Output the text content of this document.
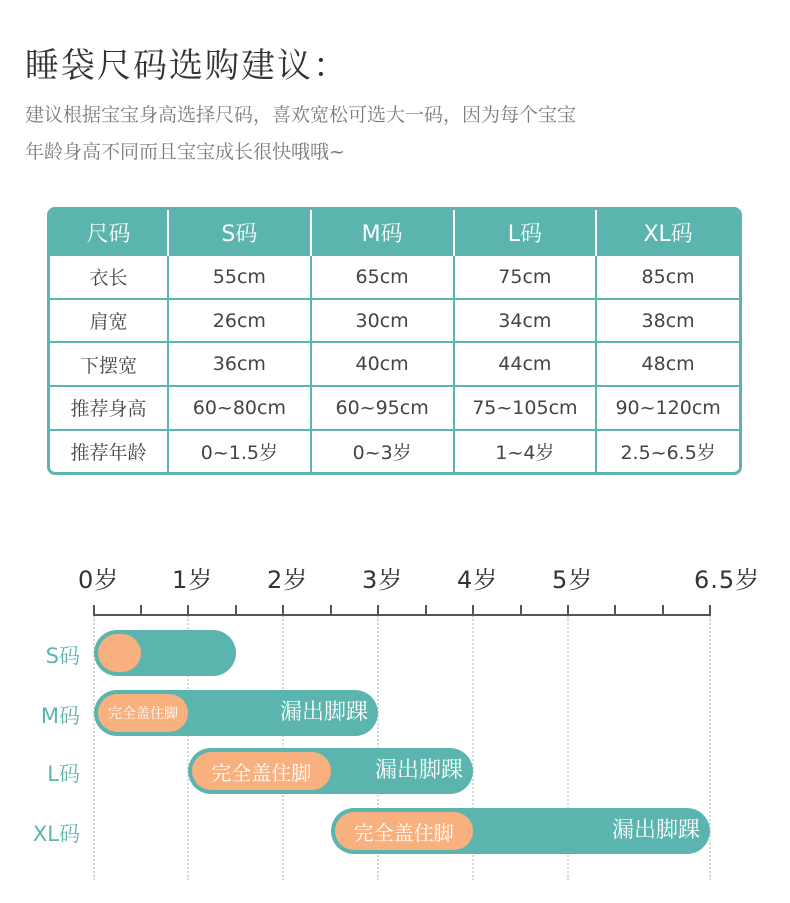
睡袋尺码选购建议：
建议根据宝宝身高选择尺码，喜欢宽松可选大一码，因为每个宝宝
年龄身高不同而且宝宝成长很快哦哦~
尺码	S码	M码	L码	XL码
衣长	55cm	65cm	75cm	85cm
肩宽	26cm	30cm	34cm	38cm
下摆宽	36cm	40cm	44cm	48cm
推荐身高	60~80cm	60~95cm	75~105cm	90~120cm
推荐年龄	0~1.5岁	0~3岁	1~4岁	2.5~6.5岁
0岁 1岁 2岁 3岁 4岁 5岁	6.5岁
S码
M码	完全盖住脚	漏出脚踝
L码	完全盖住脚	漏出脚踝
XL码	完全盖住脚	漏出脚踝
